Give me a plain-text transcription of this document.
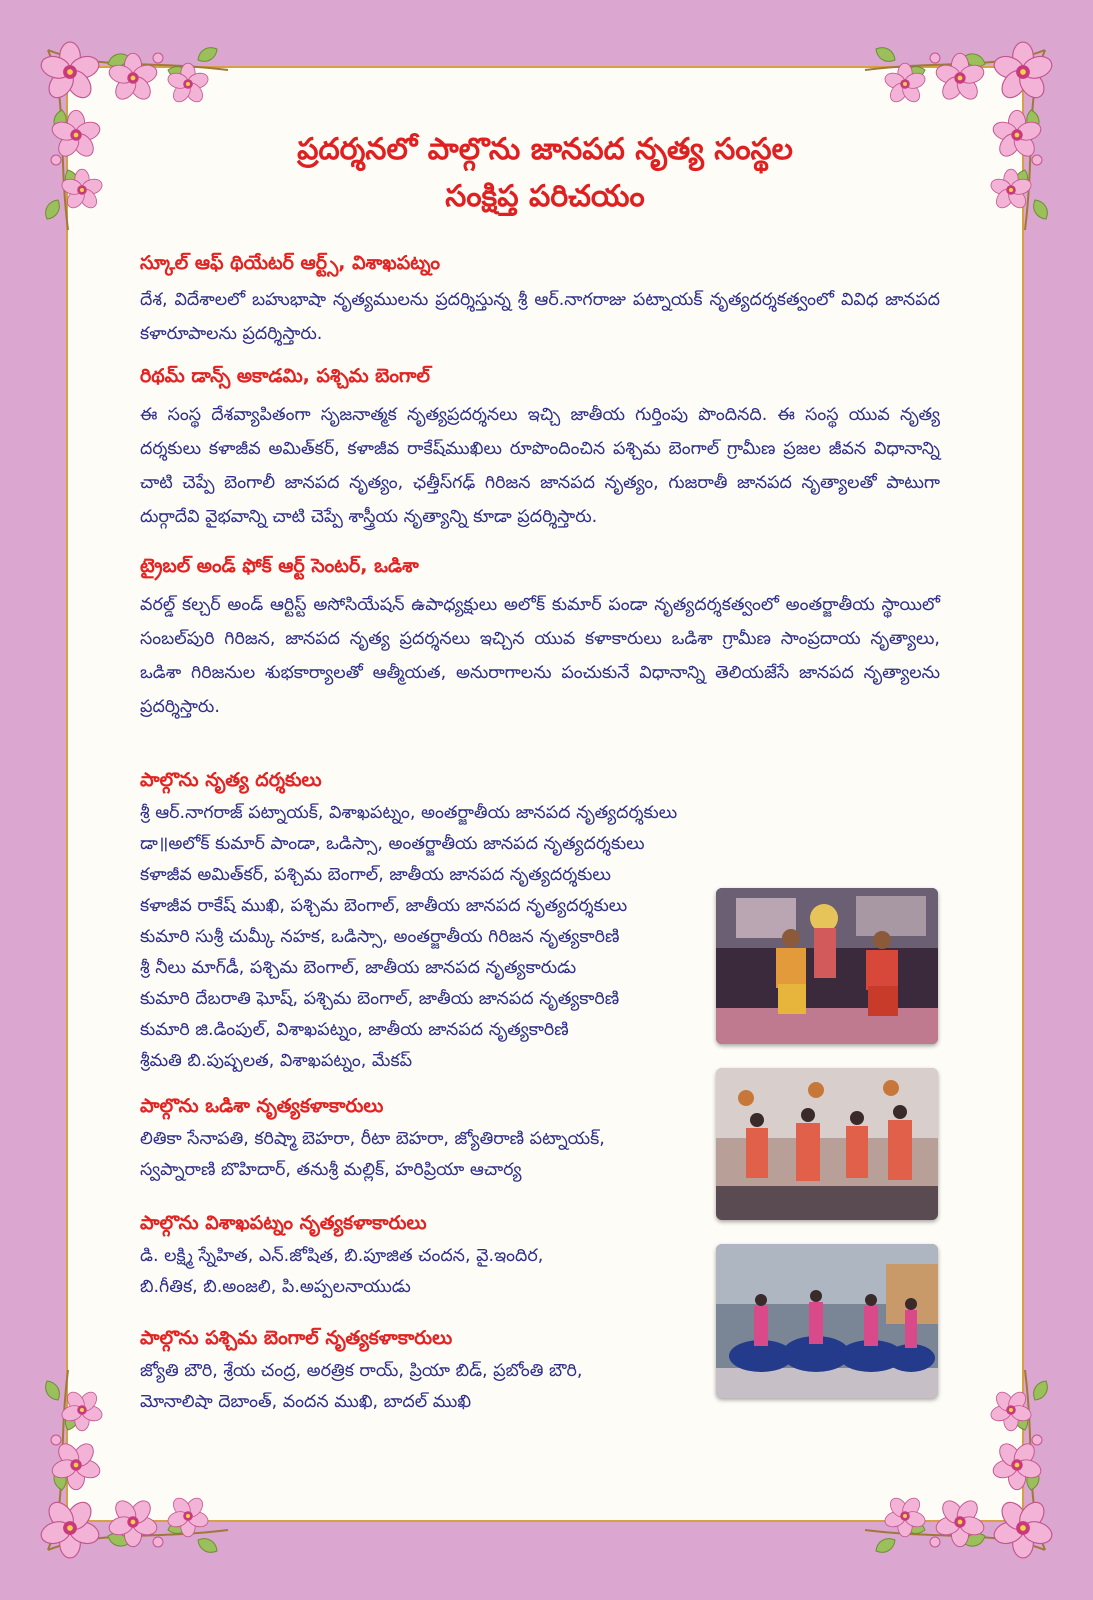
ప్రదర్శనలో పాల్గొను జానపద నృత్య సంస్థల
సంక్షిప్త పరిచయం
స్కూల్ ఆఫ్ థియేటర్ ఆర్ట్స్, విశాఖపట్నం
దేశ, విదేశాలలో బహుభాషా నృత్యములను ప్రదర్శిస్తున్న శ్రీ ఆర్.నాగరాజు పట్నాయక్ నృత్యదర్శకత్వంలో వివిధ జానపద కళారూపాలను ప్రదర్శిస్తారు.
రిథమ్ డాన్స్ అకాడమి, పశ్చిమ బెంగాల్
ఈ సంస్థ దేశవ్యాపితంగా సృజనాత్మక నృత్యప్రదర్శనలు ఇచ్చి జాతీయ గుర్తింపు పొందినది. ఈ సంస్థ యువ నృత్య దర్శకులు కళాజీవ అమిత్‌కర్, కళాజీవ రాకేష్‌ముఖిలు రూపొందించిన పశ్చిమ బెంగాల్ గ్రామీణ ప్రజల జీవన విధానాన్ని చాటి చెప్పే బెంగాలీ జానపద నృత్యం, ఛత్తీస్‌గఢ్ గిరిజన జానపద నృత్యం, గుజరాతీ జానపద నృత్యాలతో పాటుగా దుర్గాదేవి వైభవాన్ని చాటి చెప్పే శాస్త్రీయ నృత్యాన్ని కూడా ప్రదర్శిస్తారు.
ట్రైబల్ అండ్ ఫోక్ ఆర్ట్ సెంటర్, ఒడిశా
వరల్డ్ కల్చర్ అండ్ ఆర్టిస్ట్ అసోసియేషన్ ఉపాధ్యక్షులు అలోక్ కుమార్ పండా నృత్యదర్శకత్వంలో అంతర్జాతీయ స్థాయిలో సంబల్‌పురి గిరిజన, జానపద నృత్య ప్రదర్శనలు ఇచ్చిన యువ కళాకారులు ఒడిశా గ్రామీణ సాంప్రదాయ నృత్యాలు, ఒడిశా గిరిజనుల శుభకార్యాలతో ఆత్మీయత, అనురాగాలను పంచుకునే విధానాన్ని తెలియజేసే జానపద నృత్యాలను ప్రదర్శిస్తారు.
పాల్గొను నృత్య దర్శకులు
శ్రీ ఆర్.నాగరాజ్ పట్నాయక్, విశాఖపట్నం, అంతర్జాతీయ జానపద నృత్యదర్శకులు
డా॥అలోక్ కుమార్ పాండా, ఒడిస్సా, అంతర్జాతీయ జానపద నృత్యదర్శకులు
కళాజీవ అమిత్‌కర్, పశ్చిమ బెంగాల్, జాతీయ జానపద నృత్యదర్శకులు
కళాజీవ రాకేష్ ముఖి, పశ్చిమ బెంగాల్, జాతీయ జానపద నృత్యదర్శకులు
కుమారి సుశ్రీ చుమ్కీ నహక, ఒడిస్సా, అంతర్జాతీయ గిరిజన నృత్యకారిణి
శ్రీ నీలు మాగ్‌డీ, పశ్చిమ బెంగాల్, జాతీయ జానపద నృత్యకారుడు
కుమారి దేబరాతి ఘోష్, పశ్చిమ బెంగాల్, జాతీయ జానపద నృత్యకారిణి
కుమారి జి.డింపుల్, విశాఖపట్నం, జాతీయ జానపద నృత్యకారిణి
శ్రీమతి బి.పుష్పలత, విశాఖపట్నం, మేకప్
పాల్గొను ఒడిశా నృత్యకళాకారులు
లితికా సేనాపతి, కరిష్మా బెహరా, రీటా బెహరా, జ్యోతిరాణి పట్నాయక్,
స్వప్నారాణి బొహిదార్, తనుశ్రీ మల్లిక్, హరిప్రియా ఆచార్య
పాల్గొను విశాఖపట్నం నృత్యకళాకారులు
డి. లక్ష్మి స్నేహిత, ఎన్.జోషిత, బి.పూజిత చందన, వై.ఇందిర,
బి.గీతిక, బి.అంజలి, పి.అప్పలనాయుడు
పాల్గొను పశ్చిమ బెంగాల్ నృత్యకళాకారులు
జ్యోతి బౌరి, శ్రేయ చంద్ర, అరత్రిక రాయ్, ప్రియా బిడ్, ప్రబోంతి బౌరి,
మోనాలిషా దెబాంత్, వందన ముఖి, బాదల్ ముఖి
